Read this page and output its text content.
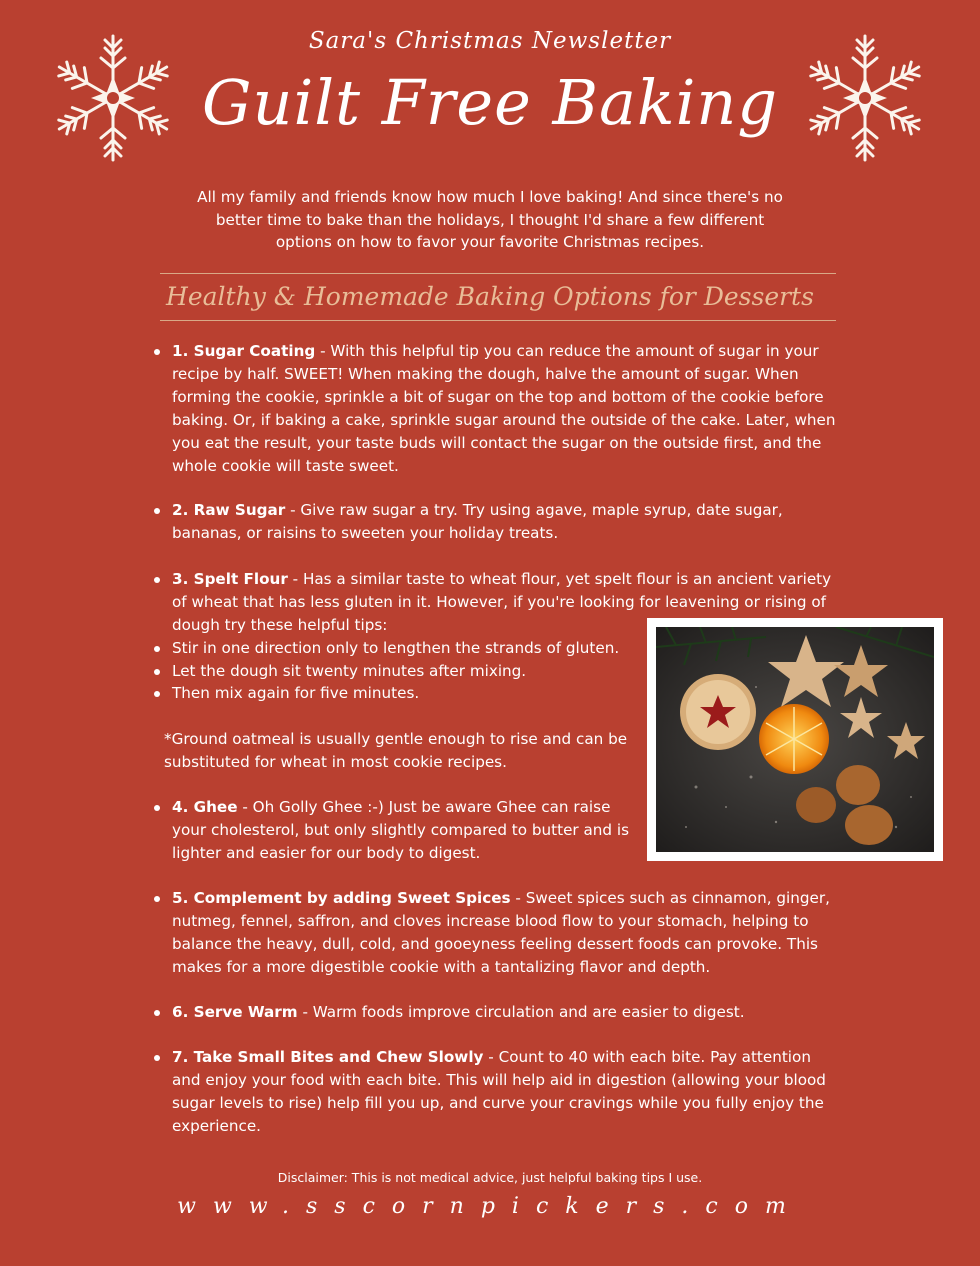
Sara's Christmas Newsletter
Guilt Free Baking
All my family and friends know how much I love baking! And since there's no better time to bake than the holidays, I thought I'd share a few different options on how to favor your favorite Christmas recipes.
Healthy & Homemade Baking Options for Desserts
1. Sugar Coating - With this helpful tip you can reduce the amount of sugar in your recipe by half. SWEET! When making the dough, halve the amount of sugar. When forming the cookie, sprinkle a bit of sugar on the top and bottom of the cookie before baking. Or, if baking a cake, sprinkle sugar around the outside of the cake. Later, when you eat the result, your taste buds will contact the sugar on the outside first, and the whole cookie will taste sweet.
2. Raw Sugar - Give raw sugar a try. Try using agave, maple syrup, date sugar, bananas, or raisins to sweeten your holiday treats.
3. Spelt Flour - Has a similar taste to wheat flour, yet spelt flour is an ancient variety of wheat that has less gluten in it. However, if you're looking for leavening or rising of dough try these helpful tips:
Stir in one direction only to lengthen the strands of gluten.
Let the dough sit twenty minutes after mixing.
Then mix again for five minutes.
*Ground oatmeal is usually gentle enough to rise and can be substituted for wheat in most cookie recipes.
4. Ghee - Oh Golly Ghee :-) Just be aware Ghee can raise your cholesterol, but only slightly compared to butter and is lighter and easier for our body to digest.
5. Complement by adding Sweet Spices - Sweet spices such as cinnamon, ginger, nutmeg, fennel, saffron, and cloves increase blood flow to your stomach, helping to balance the heavy, dull, cold, and gooeyness feeling dessert foods can provoke. This makes for a more digestible cookie with a tantalizing flavor and depth.
6. Serve Warm - Warm foods improve circulation and are easier to digest.
7. Take Small Bites and Chew Slowly - Count to 40 with each bite. Pay attention and enjoy your food with each bite. This will help aid in digestion (allowing your blood sugar levels to rise) help fill you up, and curve your cravings while you fully enjoy the experience.
Disclaimer: This is not medical advice, just helpful baking tips I use.
www.sscornpickers.com
